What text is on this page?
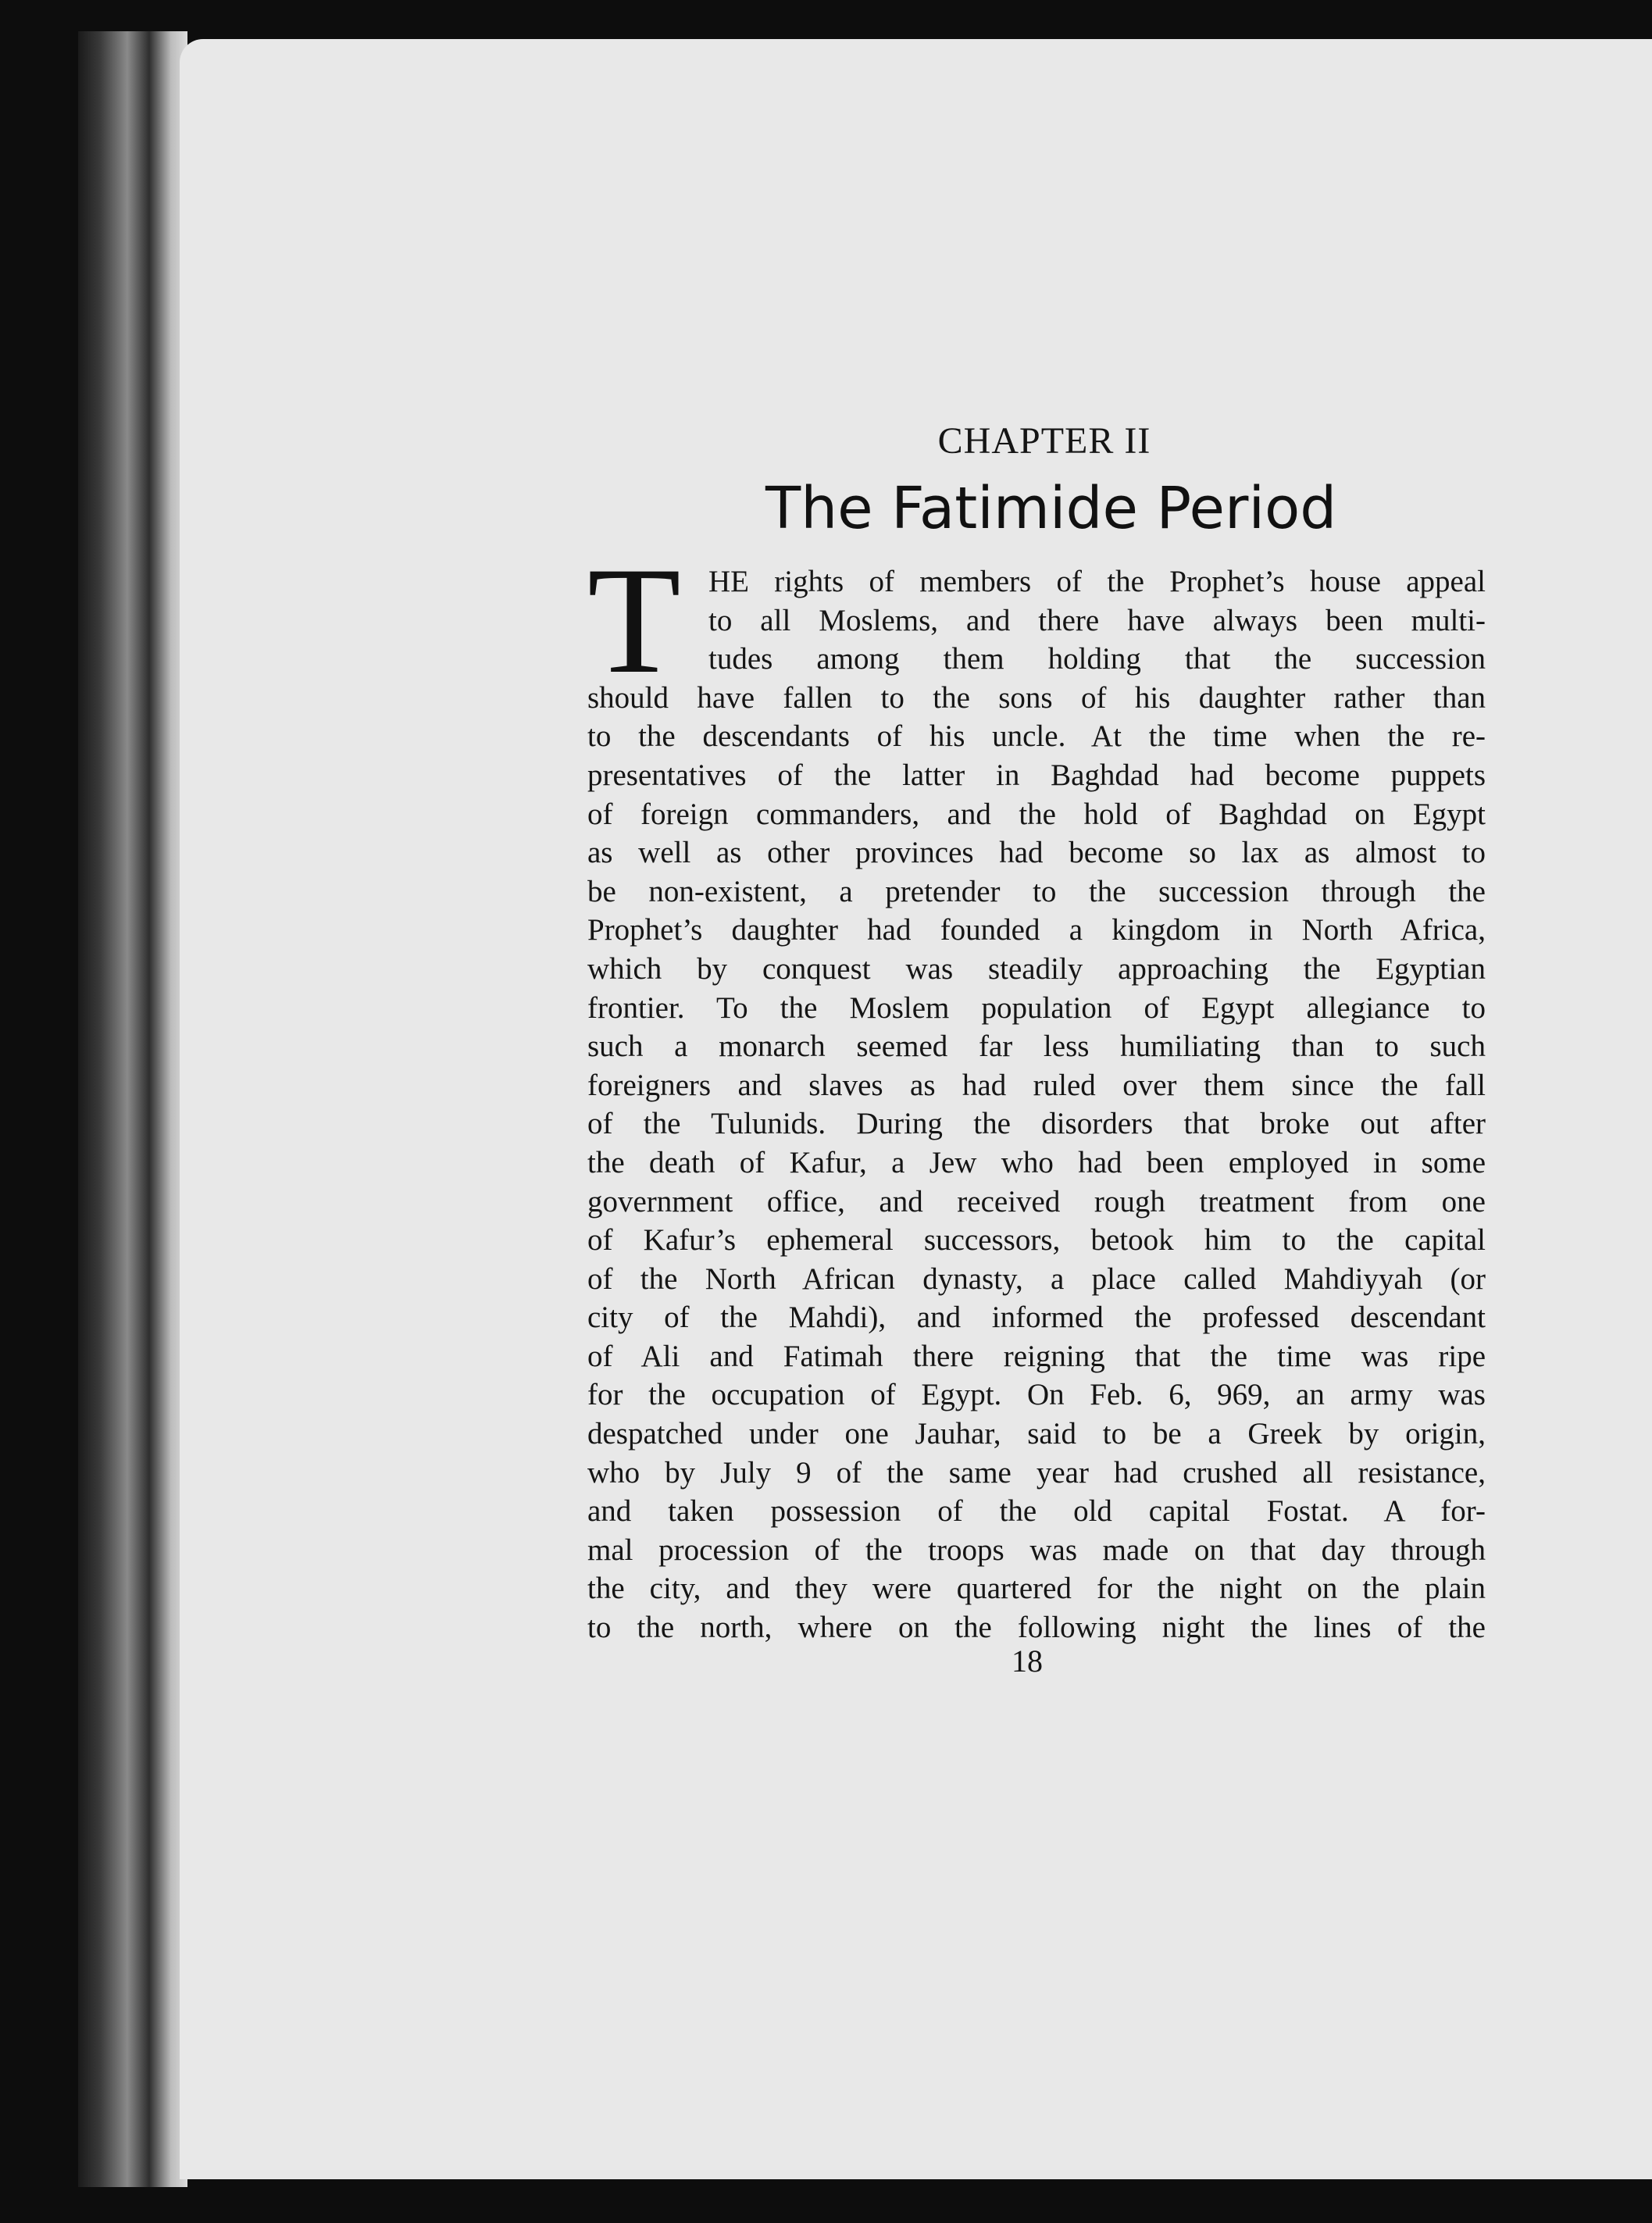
CHAPTER II
The Fatimide Period
T HE rights of members of the Prophet’s house appeal
to all Moslems, and there have always been multi-
tudes among them holding that the succession
should have fallen to the sons of his daughter rather than
to the descendants of his uncle. At the time when the re-
presentatives of the latter in Baghdad had become puppets
of foreign commanders, and the hold of Baghdad on Egypt
as well as other provinces had become so lax as almost to
be non-existent, a pretender to the succession through the
Prophet’s daughter had founded a kingdom in North Africa,
which by conquest was steadily approaching the Egyptian
frontier. To the Moslem population of Egypt allegiance to
such a monarch seemed far less humiliating than to such
foreigners and slaves as had ruled over them since the fall
of the Tulunids. During the disorders that broke out after
the death of Kafur, a Jew who had been employed in some
government office, and received rough treatment from one
of Kafur’s ephemeral successors, betook him to the capital
of the North African dynasty, a place called Mahdiyyah (or
city of the Mahdi), and informed the professed descendant
of Ali and Fatimah there reigning that the time was ripe
for the occupation of Egypt. On Feb. 6, 969, an army was
despatched under one Jauhar, said to be a Greek by origin,
who by July 9 of the same year had crushed all resistance,
and taken possession of the old capital Fostat. A for-
mal procession of the troops was made on that day through
the city, and they were quartered for the night on the plain
to the north, where on the following night the lines of the
18
